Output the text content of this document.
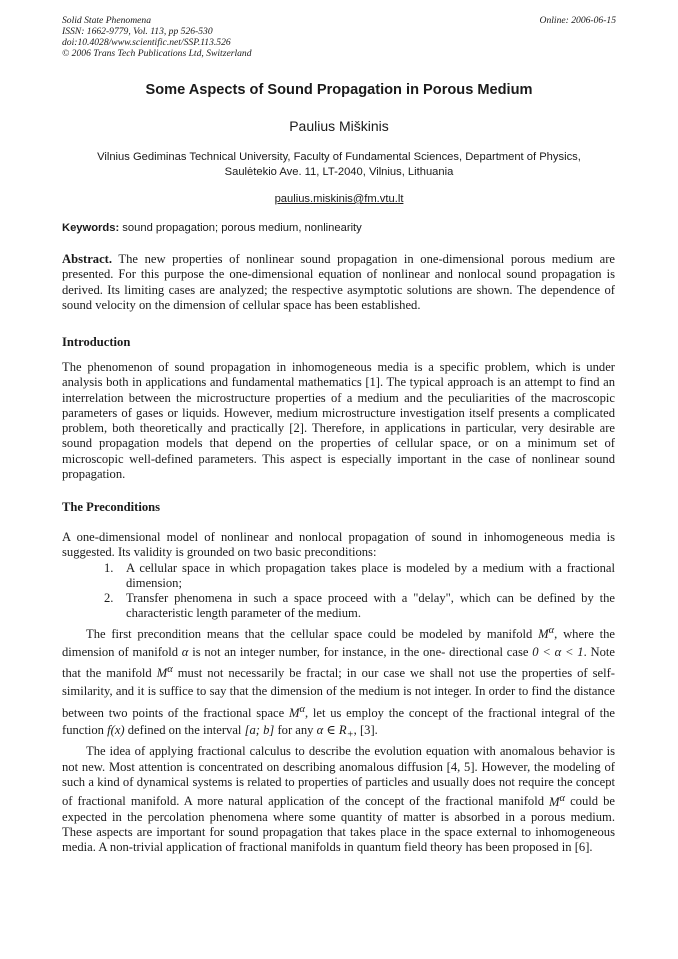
Solid State Phenomena
ISSN: 1662-9779, Vol. 113, pp 526-530
doi:10.4028/www.scientific.net/SSP.113.526
© 2006 Trans Tech Publications Ltd, Switzerland
Online: 2006-06-15
Some Aspects of Sound Propagation in Porous Medium
Paulius Miškinis
Vilnius Gediminas Technical University, Faculty of Fundamental Sciences, Department of Physics,
Saulėtekio Ave. 11, LT-2040, Vilnius, Lithuania
paulius.miskinis@fm.vtu.lt
Keywords: sound propagation; porous medium, nonlinearity

Abstract. The new properties of nonlinear sound propagation in one-dimensional porous medium are presented. For this purpose the one-dimensional equation of nonlinear and nonlocal sound propagation is derived. Its limiting cases are analyzed; the respective asymptotic solutions are shown. The dependence of sound velocity on the dimension of cellular space has been established.

Introduction

The phenomenon of sound propagation in inhomogeneous media is a specific problem, which is under analysis both in applications and fundamental mathematics [1]. The typical approach is an attempt to find an interrelation between the microstructure properties of a medium and the peculiarities of the macroscopic parameters of gases or liquids. However, medium microstructure investigation itself presents a complicated problem, both theoretically and practically [2]. Therefore, in applications in particular, very desirable are sound propagation models that depend on the properties of cellular space, or on a minimum set of microscopic well-defined parameters. This aspect is especially important in the case of nonlinear sound propagation.

The Preconditions

A one-dimensional model of nonlinear and nonlocal propagation of sound in inhomogeneous media is suggested. Its validity is grounded on two basic preconditions:

1. A cellular space in which propagation takes place is modeled by a medium with a fractional dimension;
2. Transfer phenomena in such a space proceed with a "delay", which can be defined by the characteristic length parameter of the medium.

The first precondition means that the cellular space could be modeled by manifold $M^\alpha$, where the dimension of manifold α is not an integer number, for instance, in the one- directional case 0 < α < 1. Note that the manifold $M^\alpha$ must not necessarily be fractal; in our case we shall not use the properties of self-similarity, and it is suffice to say that the dimension of the medium is not integer. In order to find the distance between two points of the fractional space $M^\alpha$, let us employ the concept of the fractional integral of the function f(x) defined on the interval [a; b] for any α ∈ $R_+$, [3].

The idea of applying fractional calculus to describe the evolution equation with anomalous behavior is not new. Most attention is concentrated on describing anomalous diffusion [4, 5]. However, the modeling of such a kind of dynamical systems is related to properties of particles and usually does not require the concept of fractional manifold. A more natural application of the concept of the fractional manifold $M^\alpha$ could be expected in the percolation phenomena where some quantity of matter is absorbed in a porous medium. These aspects are important for sound propagation that takes place in the space external to inhomogeneous media. A non-trivial application of fractional manifolds in quantum field theory has been proposed in [6].
